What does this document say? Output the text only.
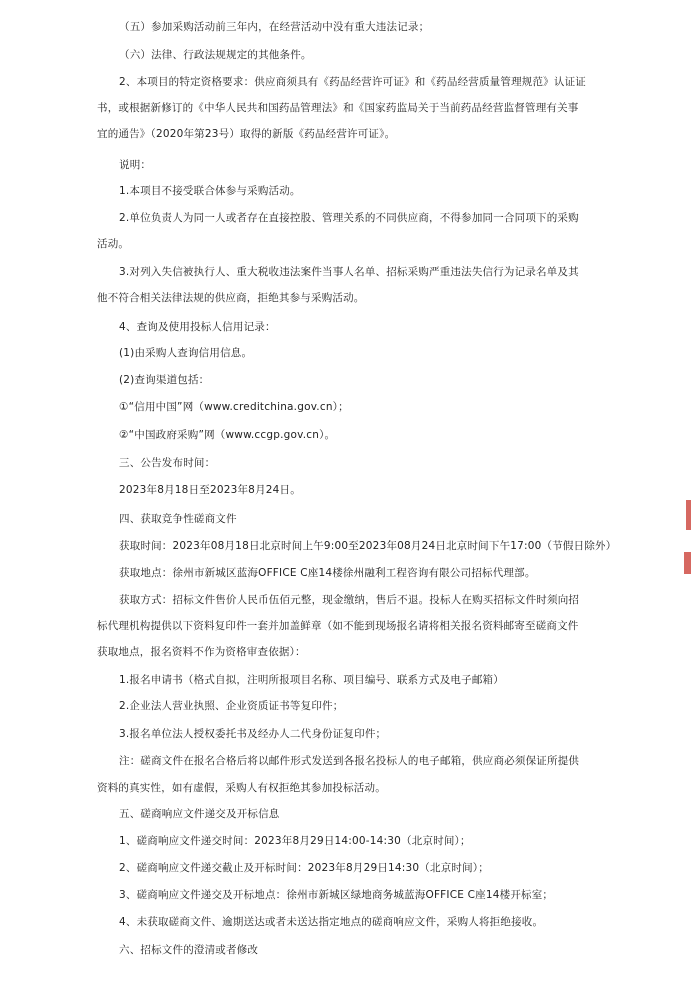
（五）参加采购活动前三年内，在经营活动中没有重大违法记录；
（六）法律、行政法规规定的其他条件。
2、本项目的特定资格要求：供应商须具有《药品经营许可证》和《药品经营质量管理规范》认证证
书，或根据新修订的《中华人民共和国药品管理法》和《国家药监局关于当前药品经营监督管理有关事
宜的通告》（2020年第23号）取得的新版《药品经营许可证》。
说明：
1.本项目不接受联合体参与采购活动。
2.单位负责人为同一人或者存在直接控股、管理关系的不同供应商，不得参加同一合同项下的采购
活动。
3.对列入失信被执行人、重大税收违法案件当事人名单、招标采购严重违法失信行为记录名单及其
他不符合相关法律法规的供应商，拒绝其参与采购活动。
4、查询及使用投标人信用记录：
(1)由采购人查询信用信息。
(2)查询渠道包括：
①“信用中国”网（www.creditchina.gov.cn）；
②“中国政府采购”网（www.ccgp.gov.cn）。
三、公告发布时间：
2023年8月18日至2023年8月24日。
四、获取竞争性磋商文件
获取时间：2023年08月18日北京时间上午9:00至2023年08月24日北京时间下午17:00（节假日除外）
获取地点：徐州市新城区蓝海OFFICE C座14楼徐州融利工程咨询有限公司招标代理部。
获取方式：招标文件售价人民币伍佰元整，现金缴纳，售后不退。投标人在购买招标文件时须向招
标代理机构提供以下资料复印件一套并加盖鲜章（如不能到现场报名请将相关报名资料邮寄至磋商文件
获取地点，报名资料不作为资格审查依据）：
1.报名申请书（格式自拟，注明所报项目名称、项目编号、联系方式及电子邮箱）
2.企业法人营业执照、企业资质证书等复印件；
3.报名单位法人授权委托书及经办人二代身份证复印件；
注：磋商文件在报名合格后将以邮件形式发送到各报名投标人的电子邮箱，供应商必须保证所提供
资料的真实性，如有虚假，采购人有权拒绝其参加投标活动。
五、磋商响应文件递交及开标信息
1、磋商响应文件递交时间：2023年8月29日14:00-14:30（北京时间）；
2、磋商响应文件递交截止及开标时间：2023年8月29日14:30（北京时间）；
3、磋商响应文件递交及开标地点：徐州市新城区绿地商务城蓝海OFFICE C座14楼开标室；
4、未获取磋商文件、逾期送达或者未送达指定地点的磋商响应文件，采购人将拒绝接收。
六、招标文件的澄清或者修改
